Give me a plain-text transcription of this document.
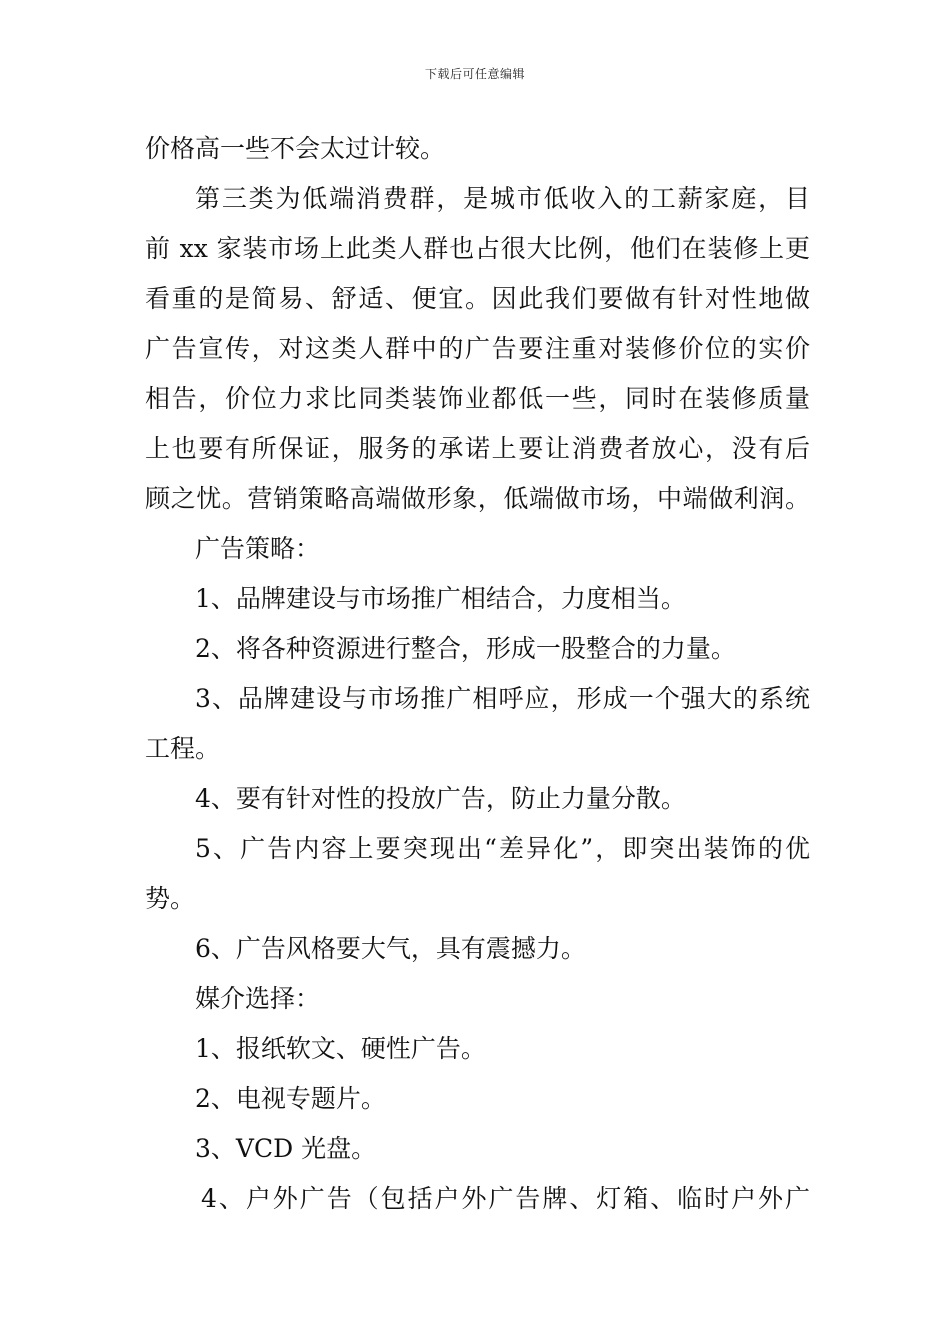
下载后可任意编辑
价格高一些不会太过计较。
第三类为低端消费群，是城市低收入的工薪家庭，目
前 xx 家装市场上此类人群也占很大比例，他们在装修上更
看重的是简易、舒适、便宜。因此我们要做有针对性地做
广告宣传，对这类人群中的广告要注重对装修价位的实价
相告，价位力求比同类装饰业都低一些，同时在装修质量
上也要有所保证，服务的承诺上要让消费者放心，没有后
顾之忧。营销策略高端做形象，低端做市场，中端做利润。
广告策略：
1、品牌建设与市场推广相结合，力度相当。
2、将各种资源进行整合，形成一股整合的力量。
3、品牌建设与市场推广相呼应，形成一个强大的系统
工程。
4、要有针对性的投放广告，防止力量分散。
5、广告内容上要突现出“差异化”，即突出装饰的优
势。
6、广告风格要大气，具有震撼力。
媒介选择：
1、报纸软文、硬性广告。
2、电视专题片。
3、VCD 光盘。
4、户外广告（包括户外广告牌、灯箱、临时户外广
